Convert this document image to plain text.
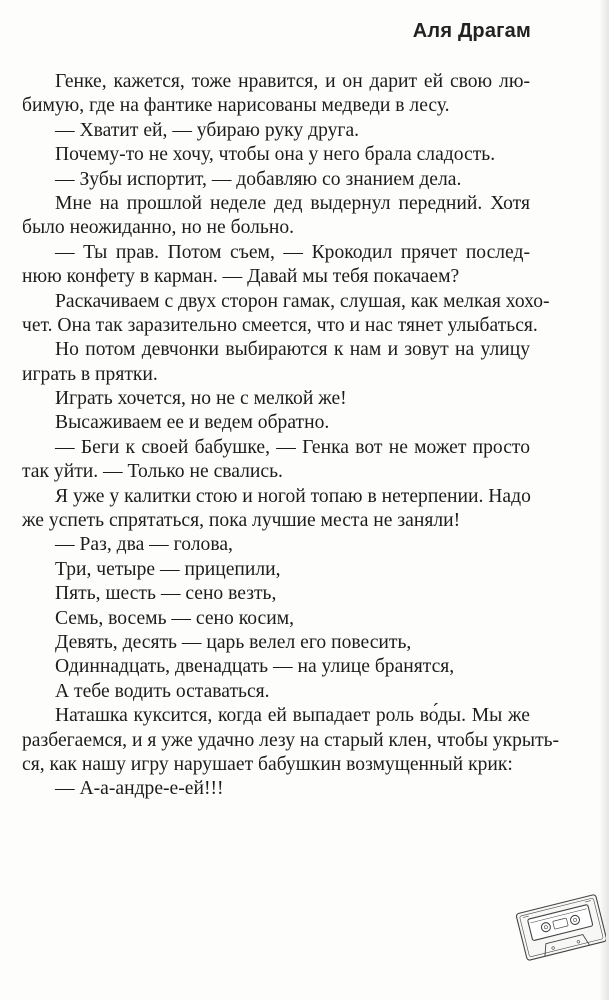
Аля Драгам
Генке, кажется, тоже нравится, и он дарит ей свою лю-
бимую, где на фантике нарисованы медведи в лесу.
— Хватит ей, — убираю руку друга.
Почему-то не хочу, чтобы она у него брала сладость.
— Зубы испортит, — добавляю со знанием дела.
Мне на прошлой неделе дед выдернул передний. Хотя
было неожиданно, но не больно.
— Ты прав. Потом съем, — Крокодил прячет послед-
нюю конфету в карман. — Давай мы тебя покачаем?
Раскачиваем с двух сторон гамак, слушая, как мелкая хохо-
чет. Она так заразительно смеется, что и нас тянет улыбаться.
Но потом девчонки выбираются к нам и зовут на улицу
играть в прятки.
Играть хочется, но не с мелкой же!
Высаживаем ее и ведем обратно.
— Беги к своей бабушке, — Генка вот не может просто
так уйти. — Только не свались.
Я уже у калитки стою и ногой топаю в нетерпении. Надо
же успеть спрятаться, пока лучшие места не заняли!
— Раз, два — голова,
Три, четыре — прицепили,
Пять, шесть — сено везть,
Семь, восемь — сено косим,
Девять, десять — царь велел его повесить,
Одиннадцать, двенадцать — на улице бранятся,
А тебе водить оставаться.
Наташка куксится, когда ей выпадает роль во́ды. Мы же
разбегаемся, и я уже удачно лезу на старый клен, чтобы укрыть-
ся, как нашу игру нарушает бабушкин возмущенный крик:
— А-а-андре-е-ей!!!
